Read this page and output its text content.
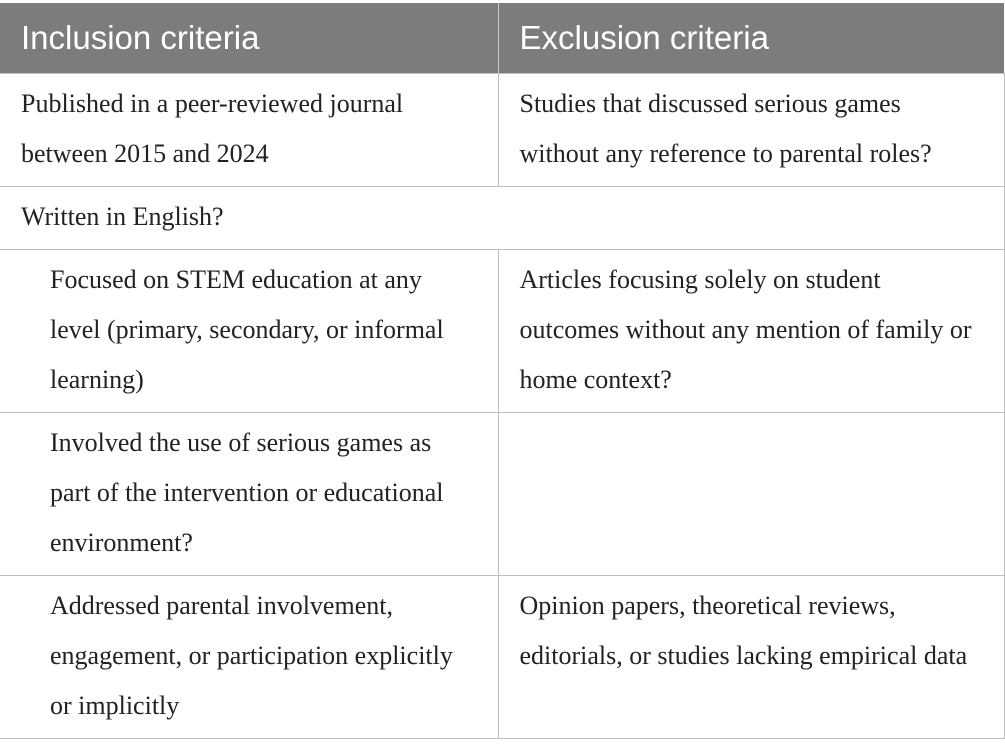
Inclusion criteria	Exclusion criteria
Published in a peer-reviewed journal between 2015 and 2024	Studies that discussed serious games without any reference to parental roles?
Written in English?	
Focused on STEM education at any level (primary, secondary, or informal learning)	Articles focusing solely on student outcomes without any mention of family or home context?
Involved the use of serious games as part of the intervention or educational environment?	
Addressed parental involvement, engagement, or participation explicitly or implicitly	Opinion papers, theoretical reviews, editorials, or studies lacking empirical data
